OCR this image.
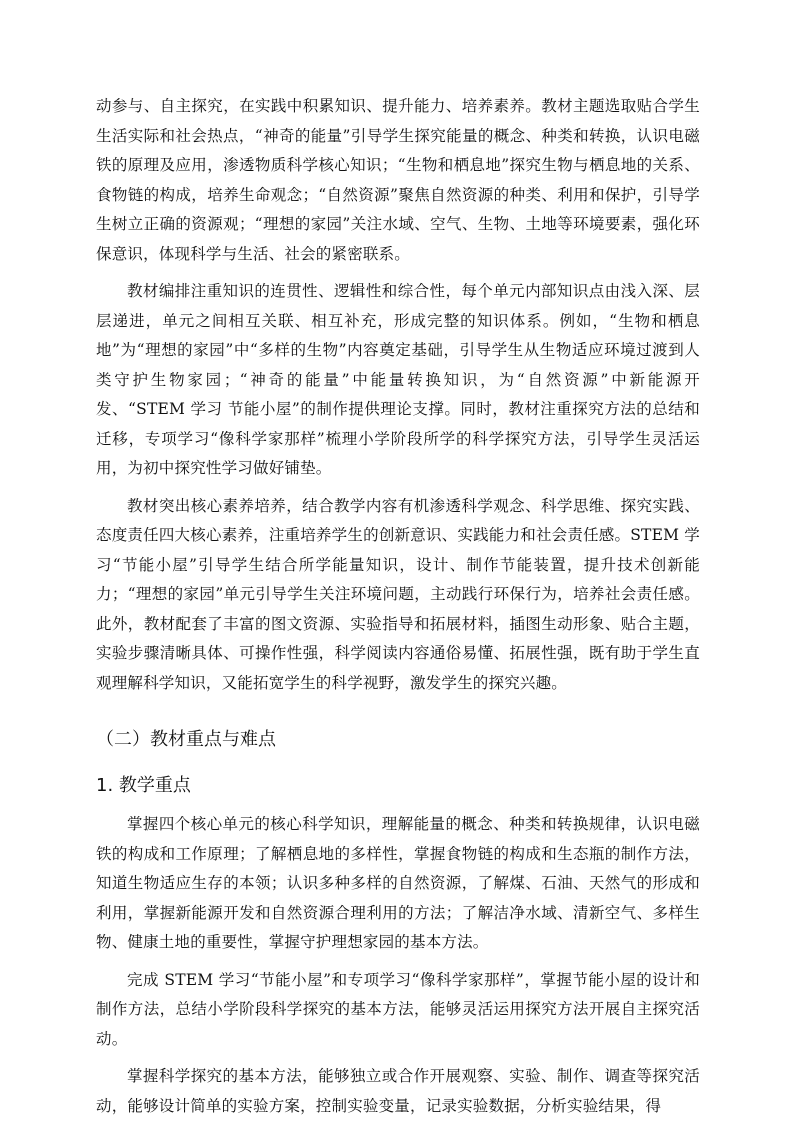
动参与、自主探究，在实践中积累知识、提升能力、培养素养。教材主题选取贴合学生生活实际和社会热点，“神奇的能量”引导学生探究能量的概念、种类和转换，认识电磁铁的原理及应用，渗透物质科学核心知识；“生物和栖息地”探究生物与栖息地的关系、食物链的构成，培养生命观念；“自然资源”聚焦自然资源的种类、利用和保护，引导学生树立正确的资源观；“理想的家园”关注水域、空气、生物、土地等环境要素，强化环保意识，体现科学与生活、社会的紧密联系。

教材编排注重知识的连贯性、逻辑性和综合性，每个单元内部知识点由浅入深、层层递进，单元之间相互关联、相互补充，形成完整的知识体系。例如，“生物和栖息地”为“理想的家园”中“多样的生物”内容奠定基础，引导学生从生物适应环境过渡到人类守护生物家园；“神奇的能量”中能量转换知识，为“自然资源”中新能源开发、“STEM 学习 节能小屋”的制作提供理论支撑。同时，教材注重探究方法的总结和迁移，专项学习“像科学家那样”梳理小学阶段所学的科学探究方法，引导学生灵活运用，为初中探究性学习做好铺垫。

教材突出核心素养培养，结合教学内容有机渗透科学观念、科学思维、探究实践、态度责任四大核心素养，注重培养学生的创新意识、实践能力和社会责任感。STEM 学习“节能小屋”引导学生结合所学能量知识，设计、制作节能装置，提升技术创新能力；“理想的家园”单元引导学生关注环境问题，主动践行环保行为，培养社会责任感。此外，教材配套了丰富的图文资源、实验指导和拓展材料，插图生动形象、贴合主题，实验步骤清晰具体、可操作性强，科学阅读内容通俗易懂、拓展性强，既有助于学生直观理解科学知识，又能拓宽学生的科学视野，激发学生的探究兴趣。

（二）教材重点与难点
1. 教学重点

掌握四个核心单元的核心科学知识，理解能量的概念、种类和转换规律，认识电磁铁的构成和工作原理；了解栖息地的多样性，掌握食物链的构成和生态瓶的制作方法，知道生物适应生存的本领；认识多种多样的自然资源，了解煤、石油、天然气的形成和利用，掌握新能源开发和自然资源合理利用的方法；了解洁净水域、清新空气、多样生物、健康土地的重要性，掌握守护理想家园的基本方法。

完成 STEM 学习“节能小屋”和专项学习“像科学家那样”，掌握节能小屋的设计和制作方法，总结小学阶段科学探究的基本方法，能够灵活运用探究方法开展自主探究活动。

掌握科学探究的基本方法，能够独立或合作开展观察、实验、制作、调查等探究活动，能够设计简单的实验方案，控制实验变量，记录实验数据，分析实验结果，得
